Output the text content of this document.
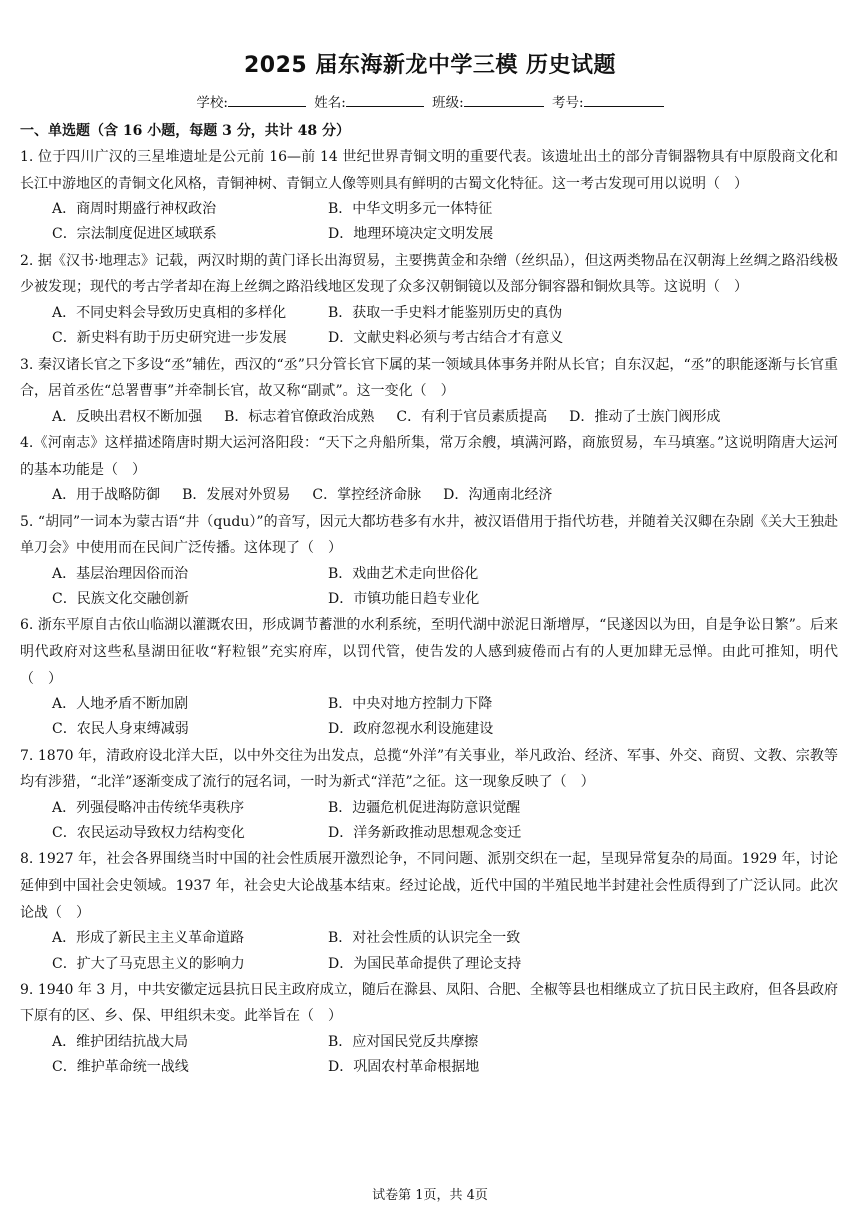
2025 届东海新龙中学三模 历史试题
学校:	姓名:	班级:	考号:
一、单选题（含 16 小题，每题 3 分，共计 48 分）
1. 位于四川广汉的三星堆遗址是公元前 16—前 14 世纪世界青铜文明的重要代表。该遗址出土的部分青铜器物具有中原殷商文化和长江中游地区的青铜文化风格，青铜神树、青铜立人像等则具有鲜明的古蜀文化特征。这一考古发现可用以说明（　）
A．商周时期盛行神权政治	B．中华文明多元一体特征
C．宗法制度促进区域联系	D．地理环境决定文明发展
2. 据《汉书·地理志》记载，两汉时期的黄门译长出海贸易，主要携黄金和杂缯（丝织品），但这两类物品在汉朝海上丝绸之路沿线极少被发现；现代的考古学者却在海上丝绸之路沿线地区发现了众多汉朝铜镜以及部分铜容器和铜炊具等。这说明（　）
A．不同史料会导致历史真相的多样化	B．获取一手史料才能鉴别历史的真伪
C．新史料有助于历史研究进一步发展	D．文献史料必须与考古结合才有意义
3. 秦汉诸长官之下多设“丞”辅佐，西汉的“丞”只分管长官下属的某一领域具体事务并附从长官；自东汉起，“丞”的职能逐渐与长官重合，居首丞佐“总署曹事”并牵制长官，故又称“副贰”。这一变化（　）
A．反映出君权不断加强 B．标志着官僚政治成熟 C．有利于官员素质提高 D．推动了士族门阀形成
4.《河南志》这样描述隋唐时期大运河洛阳段：“天下之舟船所集，常万余艘，填满河路，商旅贸易，车马填塞。”这说明隋唐大运河的基本功能是（　）
A．用于战略防御 B．发展对外贸易 C．掌控经济命脉 D．沟通南北经济
5. “胡同”一词本为蒙古语“井（qudu）”的音写，因元大都坊巷多有水井，被汉语借用于指代坊巷，并随着关汉卿在杂剧《关大王独赴单刀会》中使用而在民间广泛传播。这体现了（　）
A．基层治理因俗而治	B．戏曲艺术走向世俗化
C．民族文化交融创新	D．市镇功能日趋专业化
6. 浙东平原自古依山临湖以灌溉农田，形成调节蓄泄的水利系统，至明代湖中淤泥日渐增厚，“民遂因以为田，自是争讼日繁”。后来明代政府对这些私垦湖田征收“籽粒银”充实府库，以罚代管，使告发的人感到疲倦而占有的人更加肆无忌惮。由此可推知，明代（　）
A．人地矛盾不断加剧	B．中央对地方控制力下降
C．农民人身束缚减弱	D．政府忽视水利设施建设
7. 1870 年，清政府设北洋大臣，以中外交往为出发点，总揽“外洋”有关事业，举凡政治、经济、军事、外交、商贸、文教、宗教等均有涉猎，“北洋”逐渐变成了流行的冠名词，一时为新式“洋范”之征。这一现象反映了（　）
A．列强侵略冲击传统华夷秩序	B．边疆危机促进海防意识觉醒
C．农民运动导致权力结构变化	D．洋务新政推动思想观念变迁
8. 1927 年，社会各界围绕当时中国的社会性质展开激烈论争，不同问题、派别交织在一起，呈现异常复杂的局面。1929 年，讨论延伸到中国社会史领域。1937 年，社会史大论战基本结束。经过论战，近代中国的半殖民地半封建社会性质得到了广泛认同。此次论战（　）
A．形成了新民主主义革命道路	B．对社会性质的认识完全一致
C．扩大了马克思主义的影响力	D．为国民革命提供了理论支持
9. 1940 年 3 月，中共安徽定远县抗日民主政府成立，随后在滁县、凤阳、合肥、全椒等县也相继成立了抗日民主政府，但各县政府下原有的区、乡、保、甲组织未变。此举旨在（　）
A．维护团结抗战大局	B．应对国民党反共摩擦
C．维护革命统一战线	D．巩固农村革命根据地
试卷第 1页，共 4页
